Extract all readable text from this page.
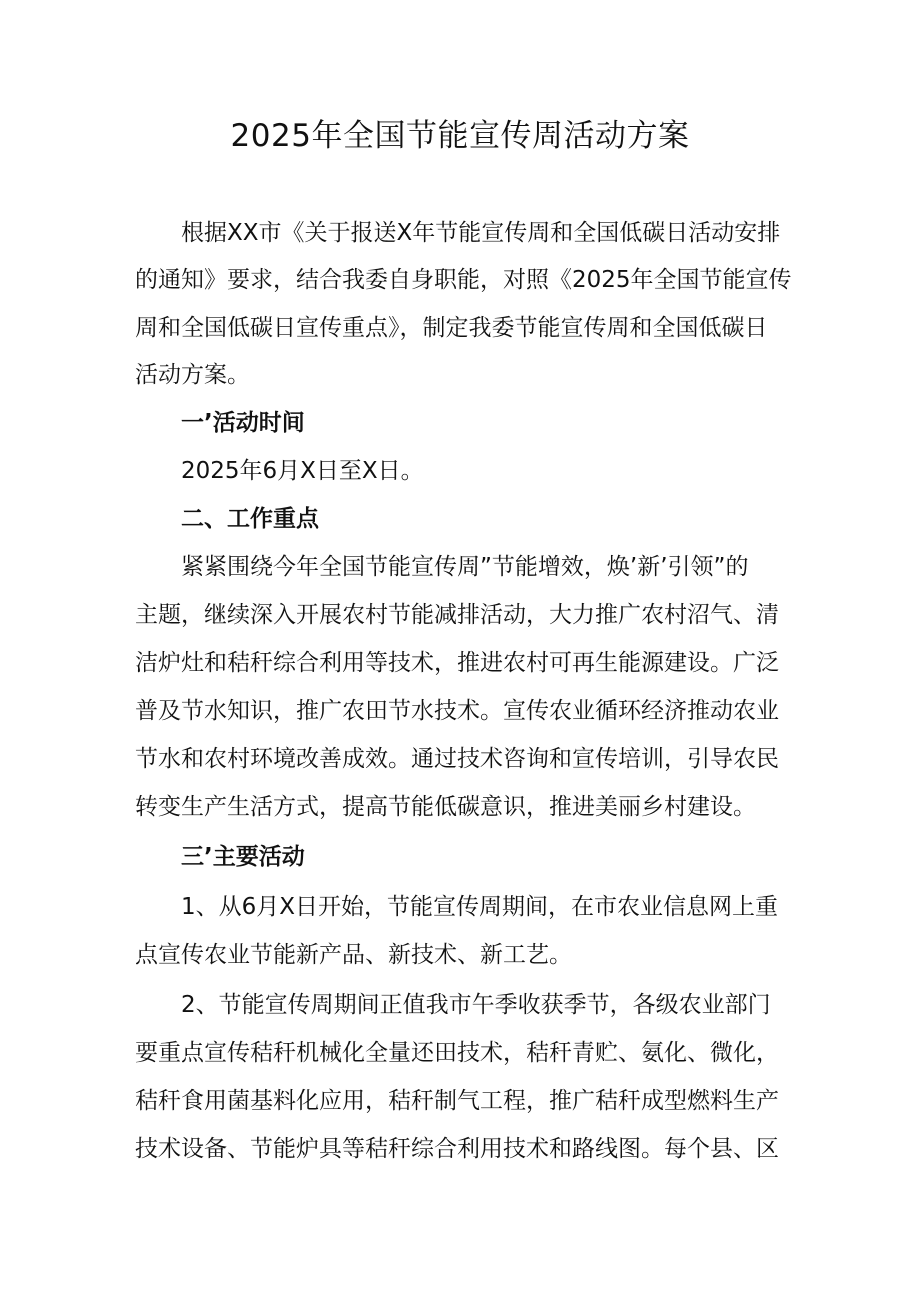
2025年全国节能宣传周活动方案
根据XX市《关于报送X年节能宣传周和全国低碳日活动安排
的通知》要求，结合我委自身职能，对照《2025年全国节能宣传
周和全国低碳日宣传重点》，制定我委节能宣传周和全国低碳日
活动方案。
一’活动时间
2025年6月X日至X日。
二、工作重点
紧紧围绕今年全国节能宣传周”节能增效，焕’新’引领”的
主题，继续深入开展农村节能减排活动，大力推广农村沼气、清
洁炉灶和秸秆综合利用等技术，推进农村可再生能源建设。广泛
普及节水知识，推广农田节水技术。宣传农业循环经济推动农业
节水和农村环境改善成效。通过技术咨询和宣传培训，引导农民
转变生产生活方式，提高节能低碳意识，推进美丽乡村建设。
三’主要活动
1、从6月X日开始，节能宣传周期间，在市农业信息网上重
点宣传农业节能新产品、新技术、新工艺。
2、节能宣传周期间正值我市午季收获季节，各级农业部门
要重点宣传秸秆机械化全量还田技术，秸秆青贮、氨化、微化，
秸秆食用菌基料化应用，秸秆制气工程，推广秸秆成型燃料生产
技术设备、节能炉具等秸秆综合利用技术和路线图。每个县、区
